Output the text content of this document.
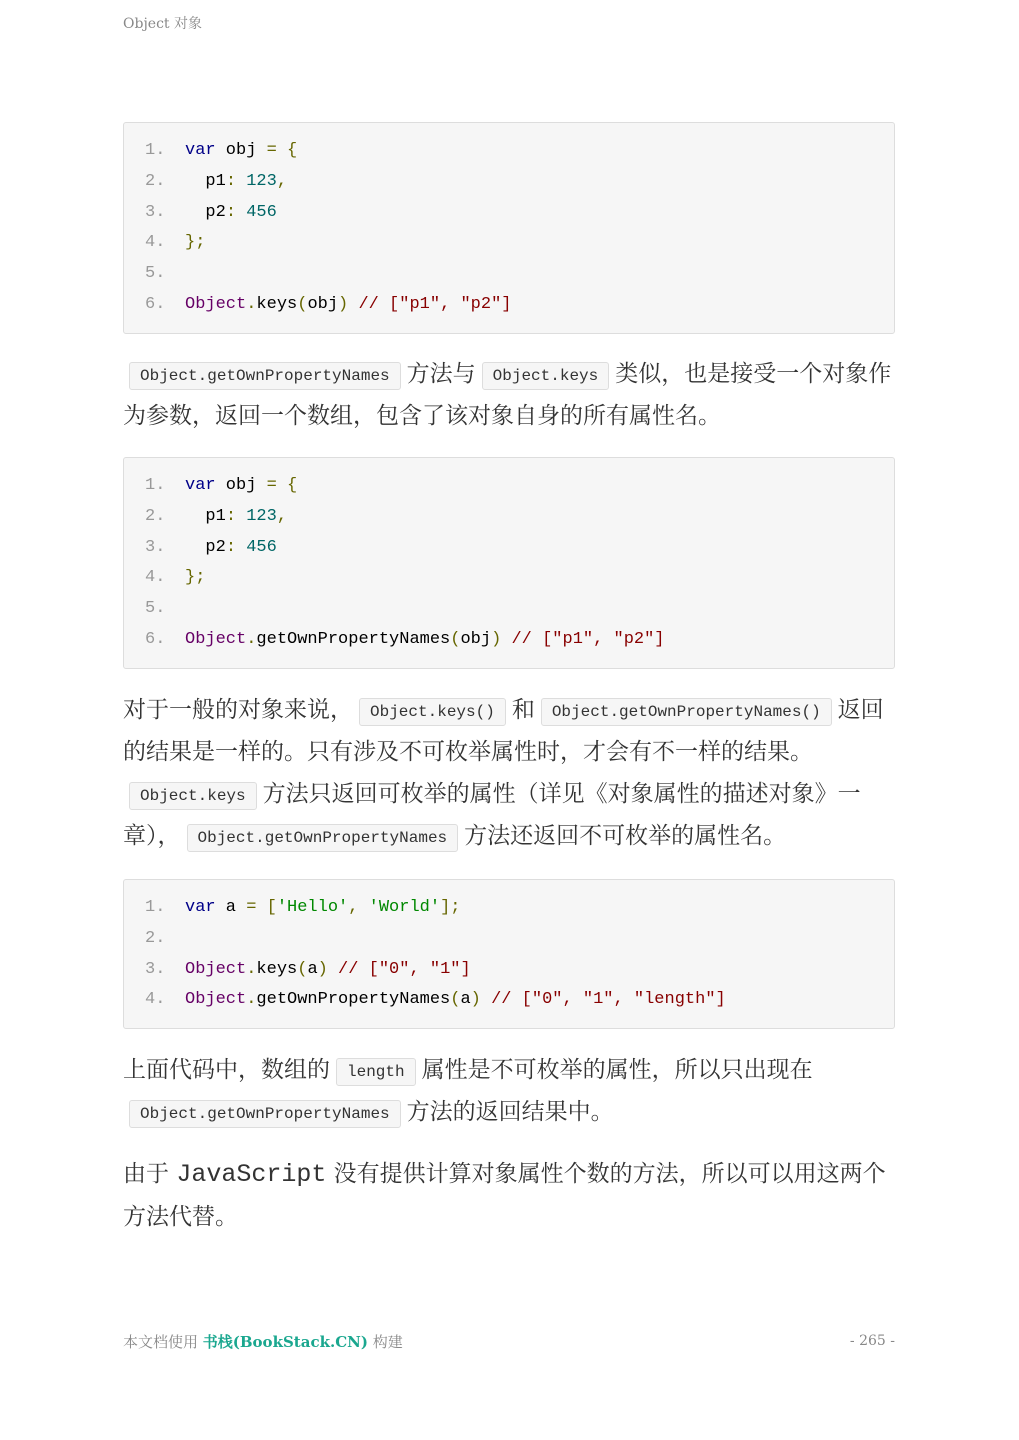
Object 对象
1.	var obj = {
2.	p1: 123,
3.	p2: 456
4.	};
5.
6.	Object.keys(obj) // ["p1", "p2"]

Object.getOwnPropertyNames 方法与 Object.keys 类似，也是接受一个对象作为参数，返回一个数组，包含了该对象自身的所有属性名。

1.	var obj = {
2.	p1: 123,
3.	p2: 456
4.	};
5.
6.	Object.getOwnPropertyNames(obj) // ["p1", "p2"]

对于一般的对象来说， Object.keys() 和 Object.getOwnPropertyNames() 返回的结果是一样的。只有涉及不可枚举属性时，才会有不一样的结果。Object.keys 方法只返回可枚举的属性（详见《对象属性的描述对象》一章）， Object.getOwnPropertyNames 方法还返回不可枚举的属性名。

1.	var a = ['Hello', 'World'];
2.
3.	Object.keys(a) // ["0", "1"]
4.	Object.getOwnPropertyNames(a) // ["0", "1", "length"]

上面代码中，数组的 length 属性是不可枚举的属性，所以只出现在Object.getOwnPropertyNames 方法的返回结果中。

由于 JavaScript 没有提供计算对象属性个数的方法，所以可以用这两个方法代替。

本文档使用 书栈(BookStack.CN) 构建	- 265 -
